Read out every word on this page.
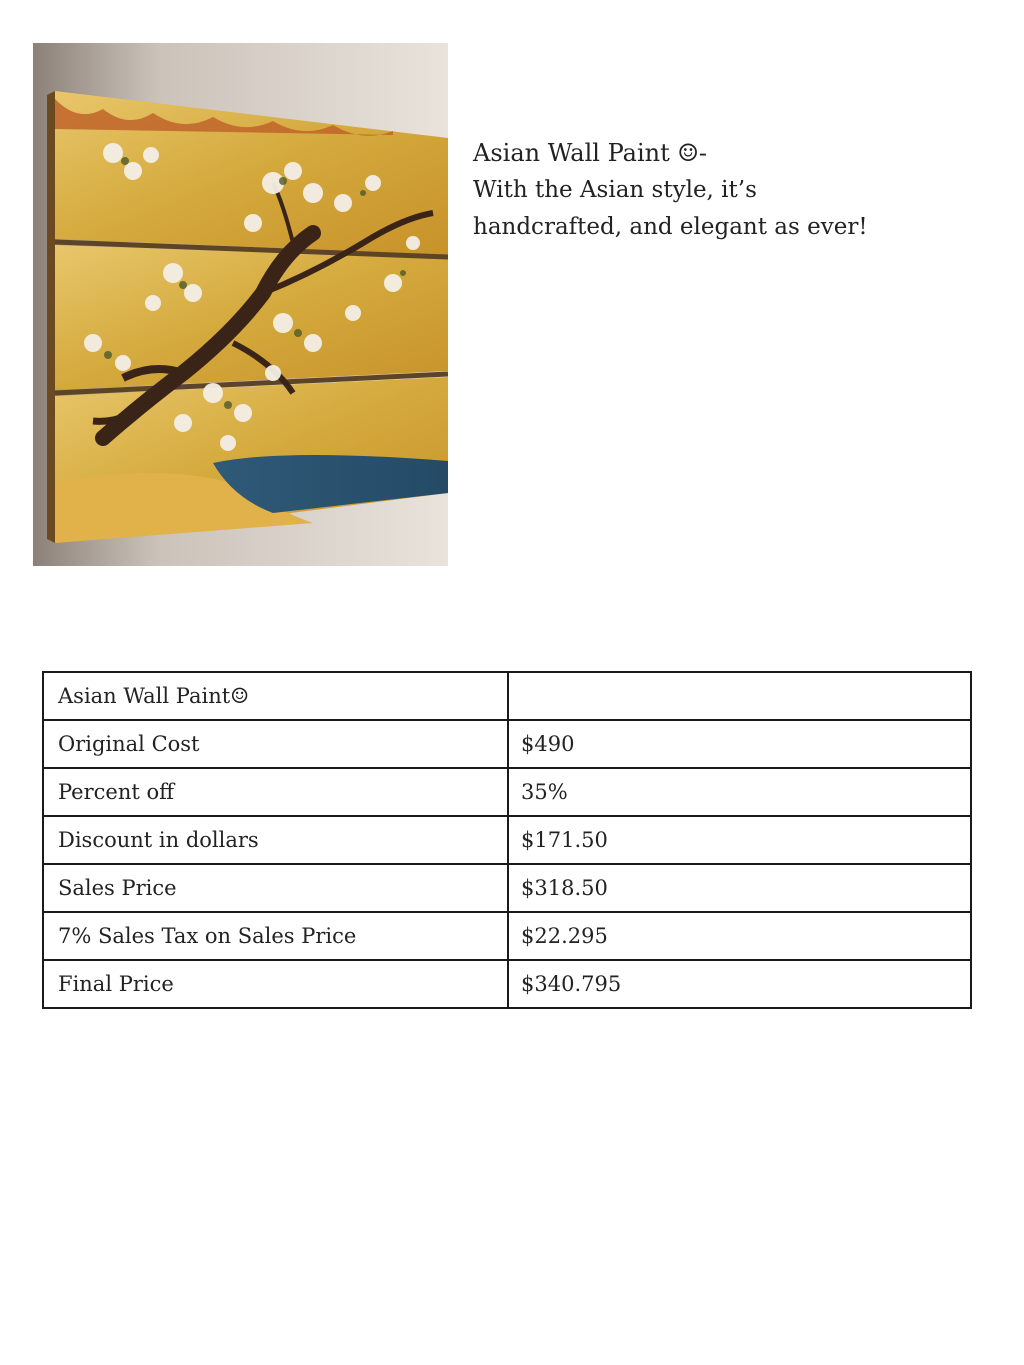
Asian Wall Paint ☺-
With the Asian style, it’s
handcrafted, and elegant as ever!
Asian Wall Paint☺	
Original Cost	$490
Percent off	35%
Discount in dollars	$171.50
Sales Price	$318.50
7% Sales Tax on Sales Price	$22.295
Final Price	$340.795
